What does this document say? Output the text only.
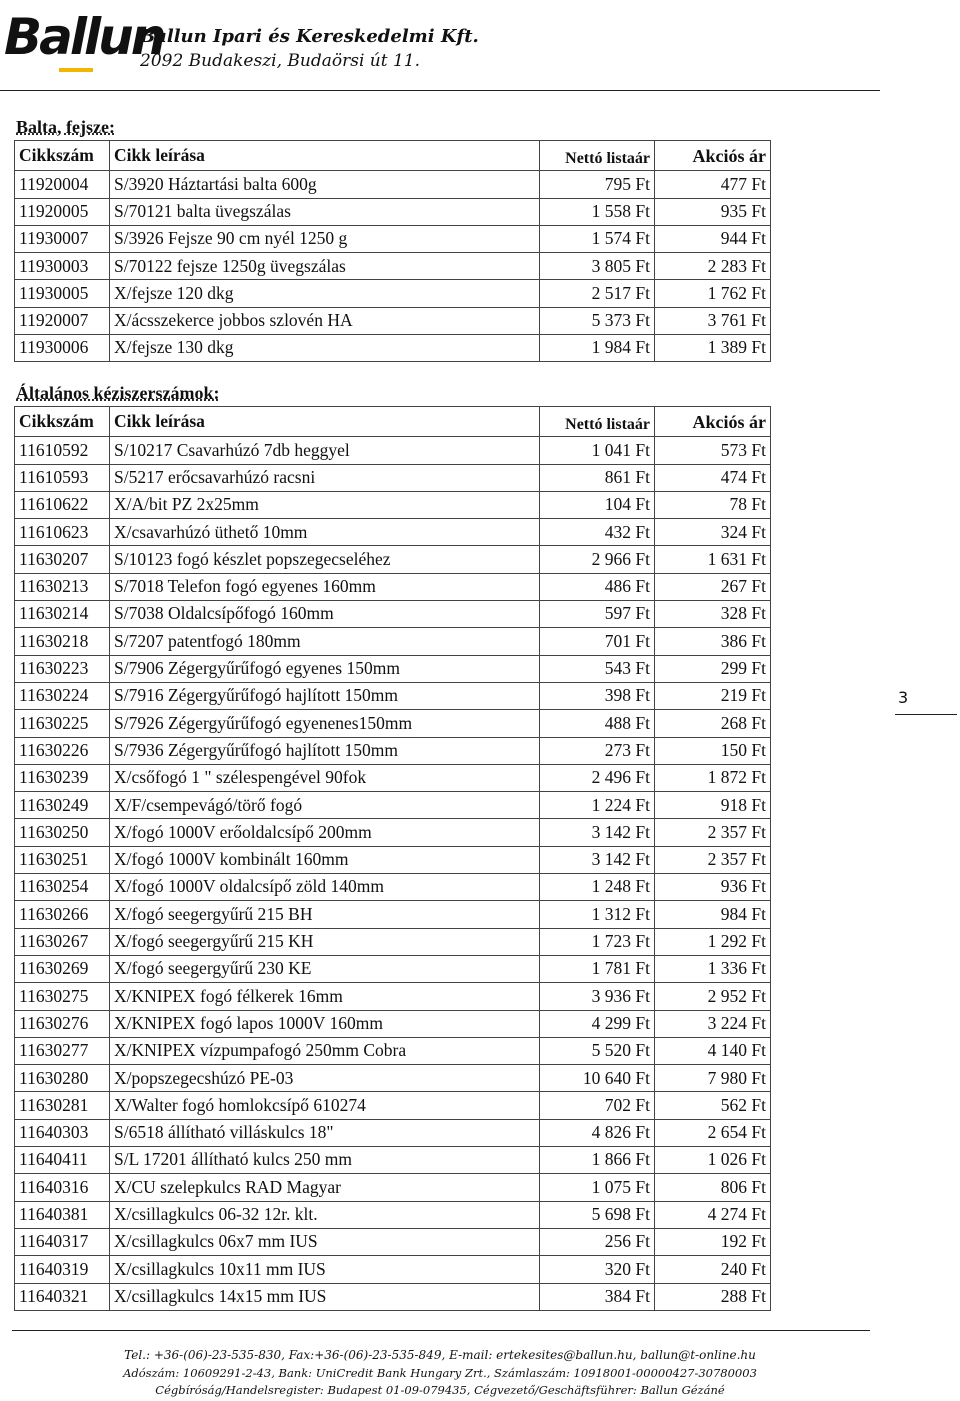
Ballun
Ballun Ipari és Kereskedelmi Kft.
2092 Budakeszi, Budaörsi út 11.
Balta, fejsze:
Cikkszám	Cikk leírása	Nettó listaár	Akciós ár
11920004	S/3920 Háztartási balta 600g	795 Ft	477 Ft
11920005	S/70121 balta üvegszálas	1 558 Ft	935 Ft
11930007	S/3926 Fejsze 90 cm nyél 1250 g	1 574 Ft	944 Ft
11930003	S/70122 fejsze 1250g üvegszálas	3 805 Ft	2 283 Ft
11930005	X/fejsze 120 dkg	2 517 Ft	1 762 Ft
11920007	X/ácsszekerce jobbos szlovén HA	5 373 Ft	3 761 Ft
11930006	X/fejsze 130 dkg	1 984 Ft	1 389 Ft
Általános kéziszerszámok:
Cikkszám	Cikk leírása	Nettó listaár	Akciós ár
11610592	S/10217 Csavarhúzó 7db heggyel	1 041 Ft	573 Ft
11610593	S/5217 erőcsavarhúzó racsni	861 Ft	474 Ft
11610622	X/A/bit PZ 2x25mm	104 Ft	78 Ft
11610623	X/csavarhúzó üthető 10mm	432 Ft	324 Ft
11630207	S/10123 fogó készlet popszegecseléhez	2 966 Ft	1 631 Ft
11630213	S/7018 Telefon fogó egyenes 160mm	486 Ft	267 Ft
11630214	S/7038 Oldalcsípőfogó 160mm	597 Ft	328 Ft
11630218	S/7207 patentfogó 180mm	701 Ft	386 Ft
11630223	S/7906 Zégergyűrűfogó egyenes 150mm	543 Ft	299 Ft
11630224	S/7916 Zégergyűrűfogó hajlított 150mm	398 Ft	219 Ft
11630225	S/7926 Zégergyűrűfogó egyenenes150mm	488 Ft	268 Ft
11630226	S/7936 Zégergyűrűfogó hajlított 150mm	273 Ft	150 Ft
11630239	X/csőfogó 1 " szélespengével 90fok	2 496 Ft	1 872 Ft
11630249	X/F/csempevágó/törő fogó	1 224 Ft	918 Ft
11630250	X/fogó 1000V erőoldalcsípő 200mm	3 142 Ft	2 357 Ft
11630251	X/fogó 1000V kombinált 160mm	3 142 Ft	2 357 Ft
11630254	X/fogó 1000V oldalcsípő zöld 140mm	1 248 Ft	936 Ft
11630266	X/fogó seegergyűrű 215 BH	1 312 Ft	984 Ft
11630267	X/fogó seegergyűrű 215 KH	1 723 Ft	1 292 Ft
11630269	X/fogó seegergyűrű 230 KE	1 781 Ft	1 336 Ft
11630275	X/KNIPEX fogó félkerek 16mm	3 936 Ft	2 952 Ft
11630276	X/KNIPEX fogó lapos 1000V 160mm	4 299 Ft	3 224 Ft
11630277	X/KNIPEX vízpumpafogó 250mm Cobra	5 520 Ft	4 140 Ft
11630280	X/popszegecshúzó PE-03	10 640 Ft	7 980 Ft
11630281	X/Walter fogó homlokcsípő 610274	702 Ft	562 Ft
11640303	S/6518 állítható villáskulcs 18"	4 826 Ft	2 654 Ft
11640411	S/L 17201 állítható kulcs 250 mm	1 866 Ft	1 026 Ft
11640316	X/CU szelepkulcs RAD Magyar	1 075 Ft	806 Ft
11640381	X/csillagkulcs 06-32 12r. klt.	5 698 Ft	4 274 Ft
11640317	X/csillagkulcs 06x7 mm IUS	256 Ft	192 Ft
11640319	X/csillagkulcs 10x11 mm IUS	320 Ft	240 Ft
11640321	X/csillagkulcs 14x15 mm IUS	384 Ft	288 Ft
3
Tel.: +36-(06)-23-535-830, Fax:+36-(06)-23-535-849, E-mail: ertekesites@ballun.hu, ballun@t-online.hu
Adószám: 10609291-2-43, Bank: UniCredit Bank Hungary Zrt., Számlaszám: 10918001-00000427-30780003
Cégbíróság/Handelsregister: Budapest 01-09-079435, Cégvezető/Geschäftsführer: Ballun Gézáné
